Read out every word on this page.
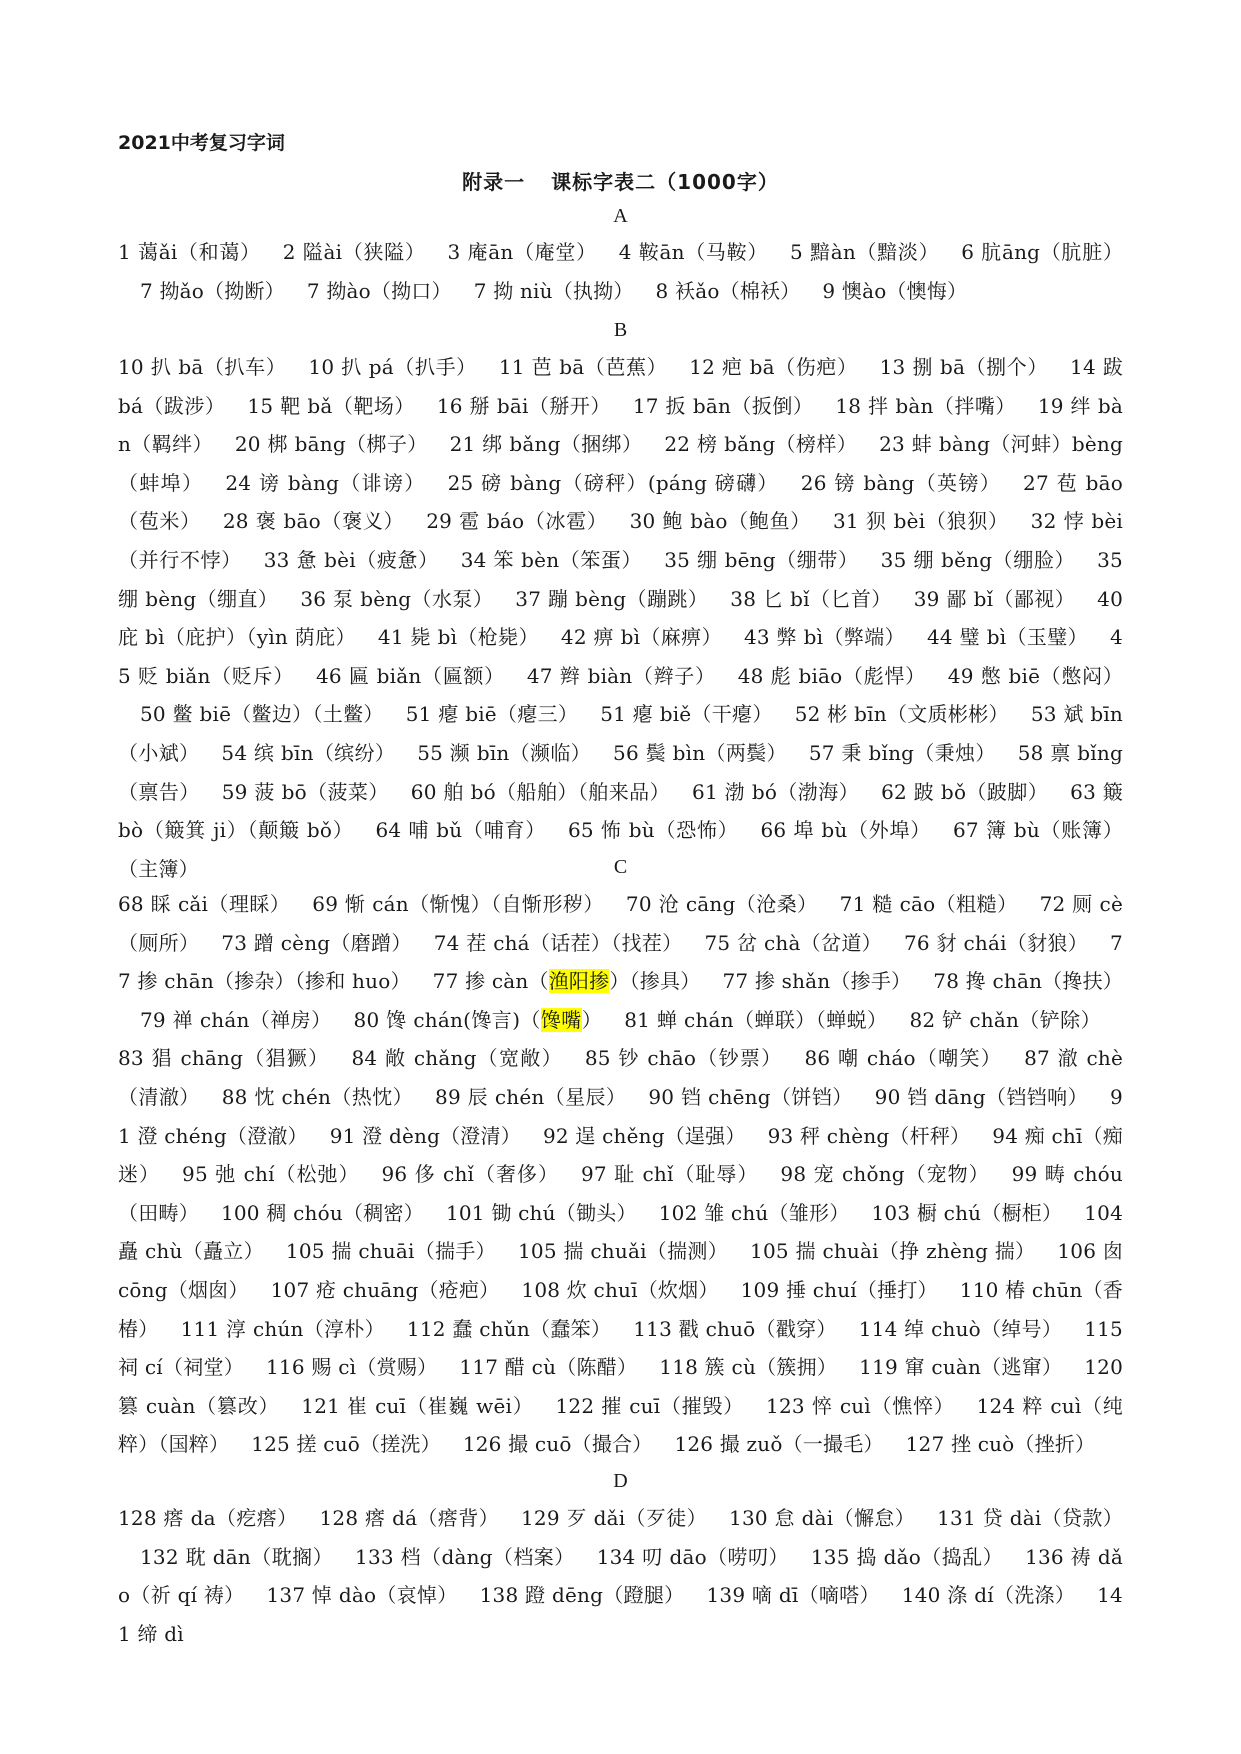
2021中考复习字词
附录一 课标字表二（1000字）
A
1 蔼ǎi（和蔼） 2 隘ài（狭隘） 3 庵ān（庵堂） 4 鞍ān（马鞍） 5 黯àn（黯淡） 6 肮āng（肮脏）7 拗ǎo（拗断） 7 拗ào（拗口） 7 拗 niù（执拗） 8 袄ǎo（棉袄） 9 懊ào（懊悔）
B
10 扒 bā（扒车） 10 扒 pá（扒手） 11 芭 bā（芭蕉） 12 疤 bā（伤疤） 13 捌 bā（捌个） 14 跋 bá（跋涉） 15 靶 bǎ（靶场） 16 掰 bāi（掰开） 17 扳 bān（扳倒） 18 拌 bàn（拌嘴） 19 绊 bàn（羁绊） 20 梆 bāng（梆子） 21 绑 bǎng（捆绑） 22 榜 bǎng（榜样） 23 蚌 bàng（河蚌）bèng（蚌埠） 24 谤 bàng（诽谤） 25 磅 bàng（磅秤）(páng 磅礴） 26 镑 bàng（英镑） 27 苞 bāo（苞米） 28 褒 bāo（褒义） 29 雹 báo（冰雹） 30 鲍 bào（鲍鱼） 31 狈 bèi（狼狈） 32 悖 bèi（并行不悖） 33 惫 bèi（疲惫） 34 笨 bèn（笨蛋） 35 绷 bēng（绷带） 35 绷 běng（绷脸） 35 绷 bèng（绷直） 36 泵 bèng（水泵） 37 蹦 bèng（蹦跳） 38 匕 bǐ（匕首） 39 鄙 bǐ（鄙视） 40 庇 bì（庇护）（yìn 荫庇） 41 毙 bì（枪毙） 42 痹 bì（麻痹） 43 弊 bì（弊端） 44 璧 bì（玉璧） 45 贬 biǎn（贬斥） 46 匾 biǎn（匾额） 47 辫 biàn（辫子） 48 彪 biāo（彪悍） 49 憋 biē（憋闷）50 鳖 biē（鳖边）（土鳖） 51 瘪 biē（瘪三） 51 瘪 biě（干瘪） 52 彬 bīn（文质彬彬） 53 斌 bīn（小斌） 54 缤 bīn（缤纷） 55 濒 bīn（濒临） 56 鬓 bìn（两鬓） 57 秉 bǐng（秉烛） 58 禀 bǐng（禀告） 59 菠 bō（菠菜） 60 舶 bó（船舶）（舶来品） 61 渤 bó（渤海） 62 跛 bǒ（跛脚） 63 簸 bò（簸箕 ji）（颠簸 bǒ） 64 哺 bǔ（哺育） 65 怖 bù（恐怖） 66 埠 bù（外埠） 67 簿 bù（账簿）（主簿）	C
68 睬 cǎi（理睬） 69 惭 cán（惭愧）（自惭形秽） 70 沧 cāng（沧桑） 71 糙 cāo（粗糙） 72 厕 cè（厕所） 73 蹭 cèng（磨蹭） 74 茬 chá（话茬）（找茬） 75 岔 chà（岔道） 76 豺 chái（豺狼） 77 掺 chān（掺杂）（掺和 huo） 77 掺 càn（渔阳掺）（掺具） 77 掺 shǎn（掺手） 78 搀 chān（搀扶）79 禅 chán（禅房） 80 馋 chán(馋言)（馋嘴） 81 蝉 chán（蝉联）（蝉蜕） 82 铲 chǎn（铲除）83 猖 chāng（猖獗） 84 敞 chǎng（宽敞） 85 钞 chāo（钞票） 86 嘲 cháo（嘲笑） 87 澈 chè（清澈） 88 忱 chén（热忱） 89 辰 chén（星辰） 90 铛 chēng（饼铛） 90 铛 dāng（铛铛响） 91 澄 chéng（澄澈） 91 澄 dèng（澄清） 92 逞 chěng（逞强） 93 秤 chèng（杆秤） 94 痴 chī（痴迷） 95 弛 chí（松弛） 96 侈 chǐ（奢侈） 97 耻 chǐ（耻辱） 98 宠 chǒng（宠物） 99 畴 chóu（田畴） 100 稠 chóu（稠密） 101 锄 chú（锄头） 102 雏 chú（雏形） 103 橱 chú（橱柜） 104 矗 chù（矗立） 105 揣 chuāi（揣手） 105 揣 chuǎi（揣测） 105 揣 chuài（挣 zhèng 揣） 106 囱 cōng（烟囱） 107 疮 chuāng（疮疤） 108 炊 chuī（炊烟） 109 捶 chuí（捶打） 110 椿 chūn（香椿） 111 淳 chún（淳朴） 112 蠢 chǔn（蠢笨） 113 戳 chuō（戳穿） 114 绰 chuò（绰号） 115 祠 cí（祠堂） 116 赐 cì（赏赐） 117 醋 cù（陈醋） 118 簇 cù（簇拥） 119 窜 cuàn（逃窜） 120 篡 cuàn（篡改） 121 崔 cuī（崔巍 wēi） 122 摧 cuī（摧毁） 123 悴 cuì（憔悴） 124 粹 cuì（纯粹）（国粹） 125 搓 cuō（搓洗） 126 撮 cuō（撮合） 126 撮 zuǒ（一撮毛） 127 挫 cuò（挫折）
D
128 瘩 da（疙瘩） 128 瘩 dá（瘩背） 129 歹 dǎi（歹徒） 130 怠 dài（懈怠） 131 贷 dài（贷款）132 耽 dān（耽搁） 133 档（dàng（档案） 134 叨 dāo（唠叨） 135 捣 dǎo（捣乱） 136 祷 dǎo（祈 qí 祷） 137 悼 dào（哀悼） 138 蹬 dēng（蹬腿） 139 嘀 dī（嘀嗒） 140 涤 dí（洗涤） 141 缔 dì
